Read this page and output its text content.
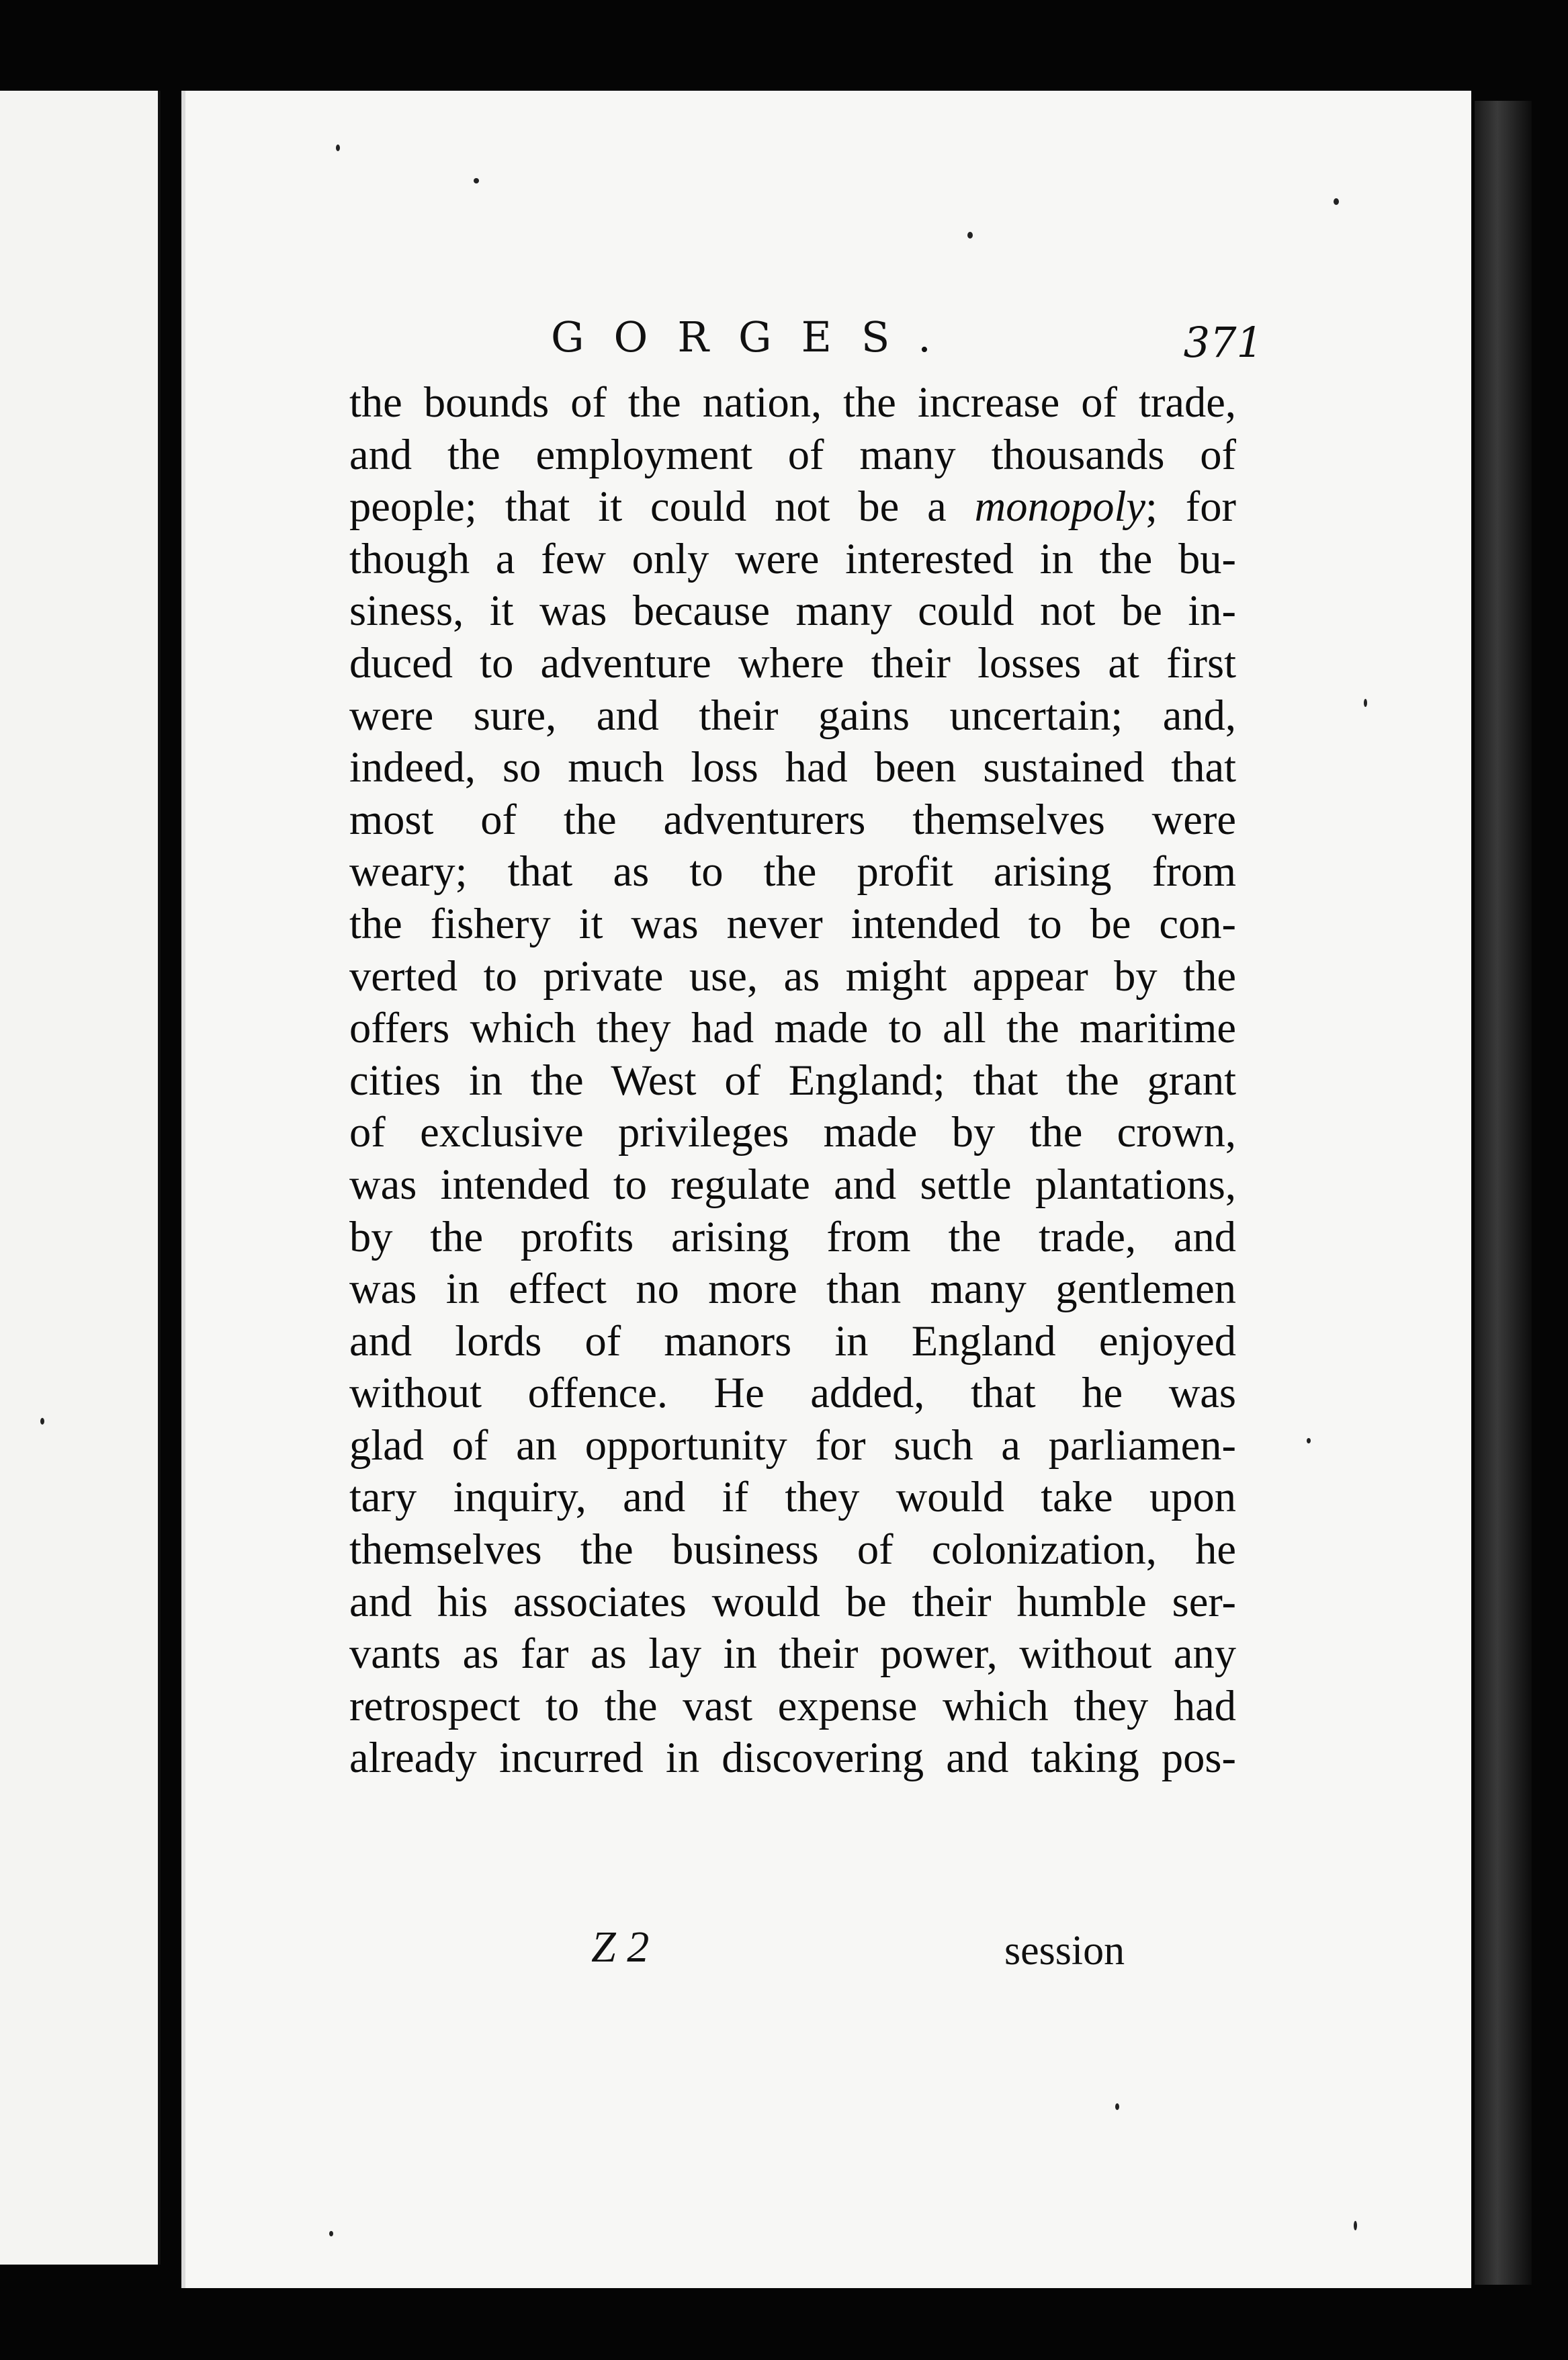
GORGES.	371
the bounds of the nation, the increase of trade,
and the employment of many thousands of
people; that it could not be a monopoly; for
though a few only were interested in the bu-
siness, it was because many could not be in-
duced to adventure where their losses at first
were sure, and their gains uncertain; and,
indeed, so much loss had been sustained that
most of the adventurers themselves were
weary; that as to the profit arising from
the fishery it was never intended to be con-
verted to private use, as might appear by the
offers which they had made to all the maritime
cities in the West of England; that the grant
of exclusive privileges made by the crown,
was intended to regulate and settle plantations,
by the profits arising from the trade, and
was in effect no more than many gentlemen
and lords of manors in England enjoyed
without offence. He added, that he was
glad of an opportunity for such a parliamen-
tary inquiry, and if they would take upon
themselves the business of colonization, he
and his associates would be their humble ser-
vants as far as lay in their power, without any
retrospect to the vast expense which they had
already incurred in discovering and taking pos-
Z 2	session
